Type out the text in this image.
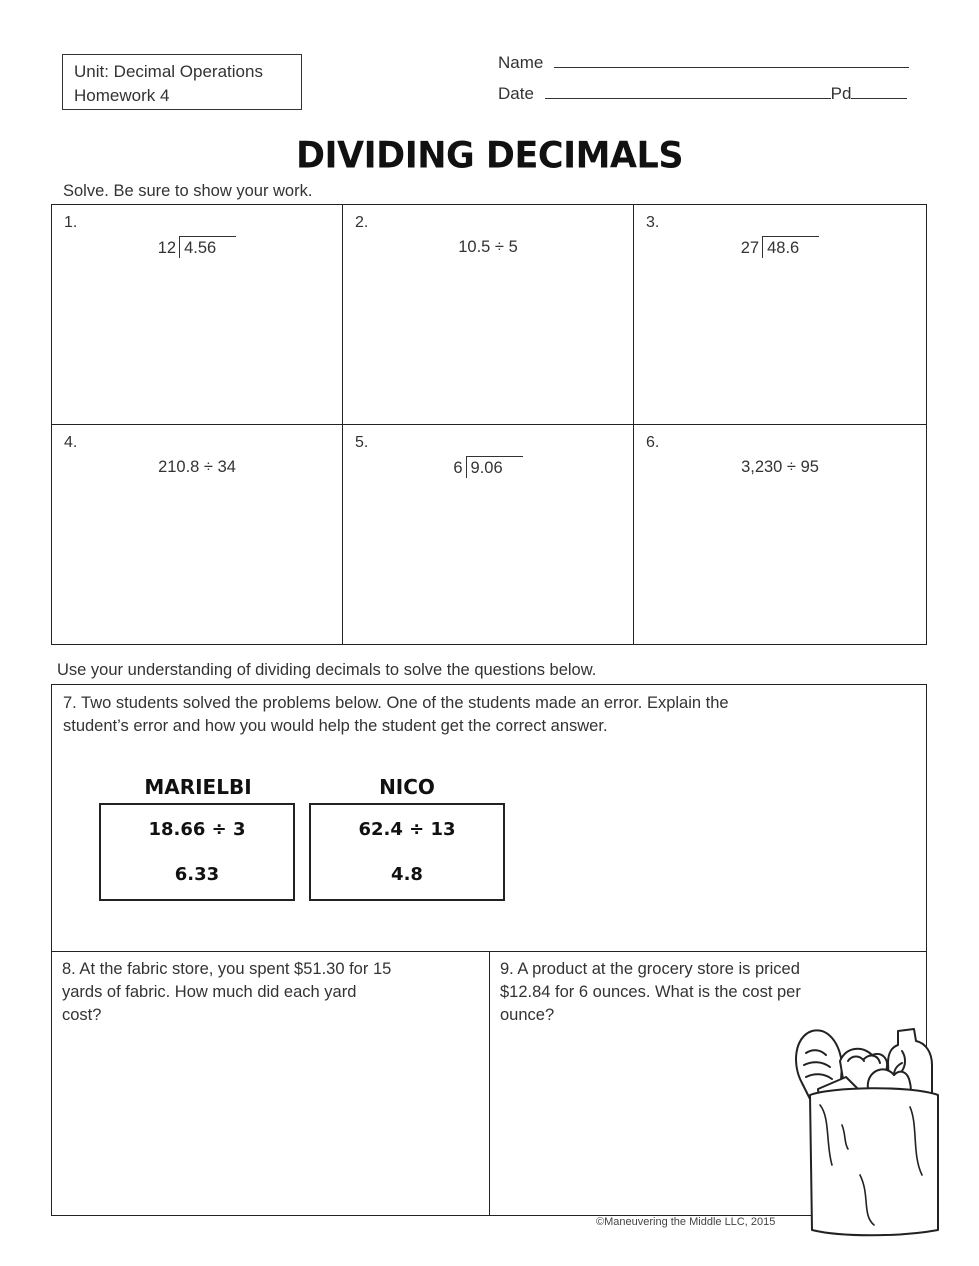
Unit: Decimal Operations
Homework 4
Name
Date	Pd
DIVIDING DECIMALS
Solve. Be sure to show your work.
1.
12 4.56
2.
10.5 ÷ 5
3.
27 48.6
4.
210.8 ÷ 34
5.
6 9.06
6.
3,230 ÷ 95
Use your understanding of dividing decimals to solve the questions below.
7. Two students solved the problems below. One of the students made an error. Explain the
student’s error and how you would help the student get the correct answer.
MARIELBI
18.66 ÷ 3
6.33
NICO
62.4 ÷ 13
4.8
8. At the fabric store, you spent $51.30 for 15
yards of fabric. How much did each yard
cost?
9. A product at the grocery store is priced
$12.84 for 6 ounces. What is the cost per
ounce?
©Maneuvering the Middle LLC, 2015
